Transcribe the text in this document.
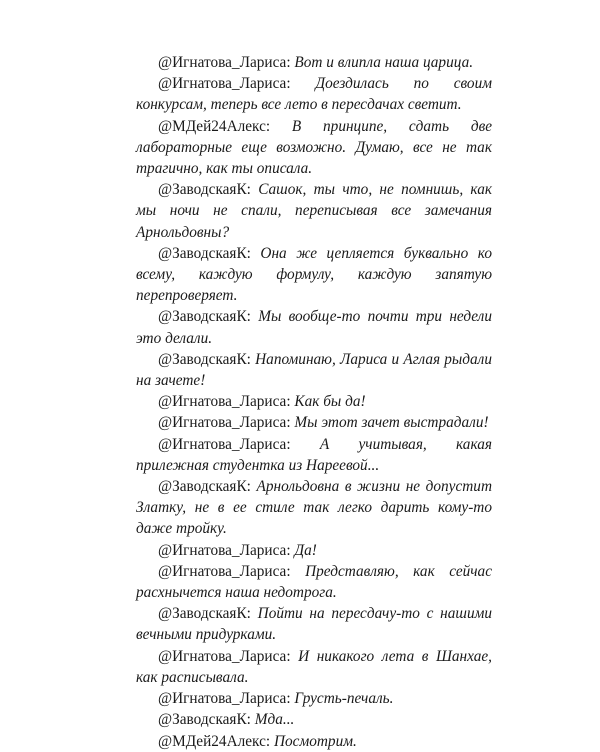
@Игнатова_Лариса: Вот и влипла наша царица.

@Игнатова_Лариса: Доездилась по своим конкурсам, теперь все лето в пересдачах светит.

@МДей24Алекс: В принципе, сдать две лабораторные еще возможно. Думаю, все не так трагично, как ты описала.

@ЗаводскаяК: Сашок, ты что, не помнишь, как мы ночи не спали, переписывая все замечания Арнольдовны?

@ЗаводскаяК: Она же цепляется буквально ко всему, каждую формулу, каждую запятую перепроверяет.

@ЗаводскаяК: Мы вообще-то почти три недели это делали.

@ЗаводскаяК: Напоминаю, Лариса и Аглая рыдали на зачете!

@Игнатова_Лариса: Как бы да!

@Игнатова_Лариса: Мы этот зачет выстрадали!

@Игнатова_Лариса: А учитывая, какая прилежная студентка из Нареевой...

@ЗаводскаяК: Арнольдовна в жизни не допустит Златку, не в ее стиле так легко дарить кому-то даже тройку.

@Игнатова_Лариса: Да!

@Игнатова_Лариса: Представляю, как сейчас расхнычется наша недотрога.

@ЗаводскаяК: Пойти на пересдачу-то с нашими вечными придурками.

@Игнатова_Лариса: И никакого лета в Шанхае, как расписывала.

@Игнатова_Лариса: Грусть-печаль.

@ЗаводскаяК: Мда...

@МДей24Алекс: Посмотрим.
